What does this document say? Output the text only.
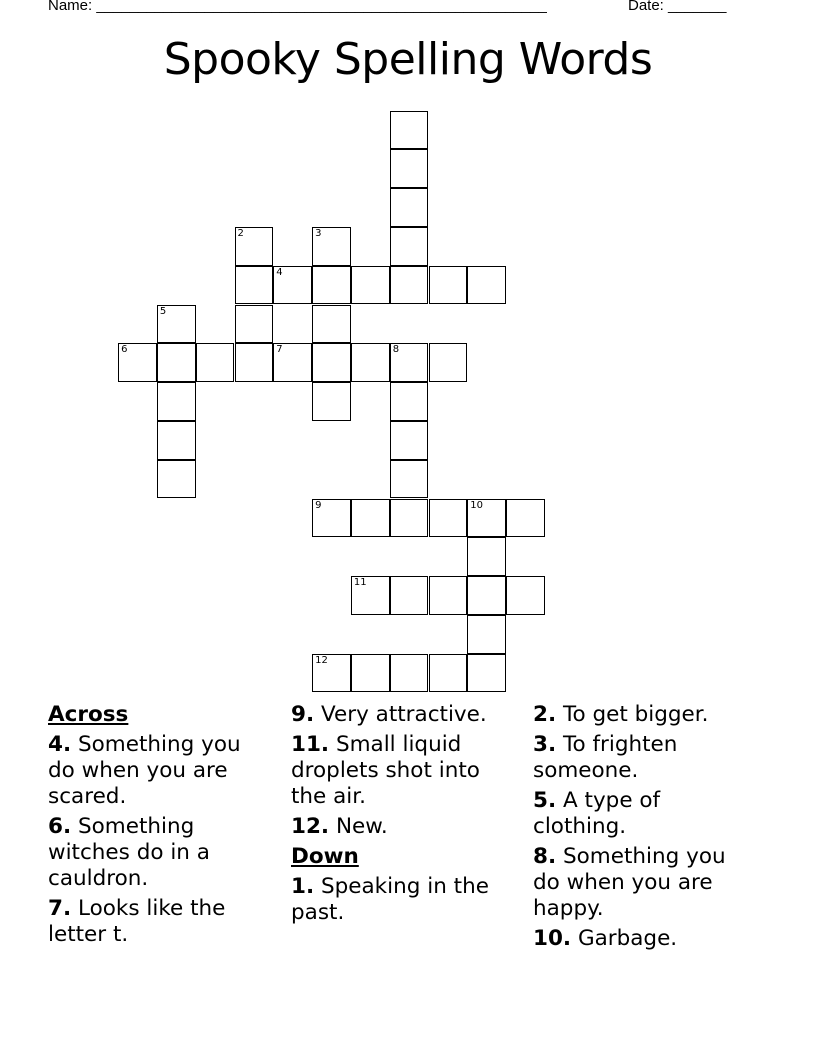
Name: ______________________________________________________	Date: _______
Spooky Spelling Words
2	3
4
5
6	7	8
9	10
11
12
Across
4. Something you do when you are scared.
6. Something witches do in a cauldron.
7. Looks like the letter t.
9. Very attractive.
11. Small liquid droplets shot into the air.
12. New.
Down
1. Speaking in the past.
2. To get bigger.
3. To frighten someone.
5. A type of clothing.
8. Something you do when you are happy.
10. Garbage.
